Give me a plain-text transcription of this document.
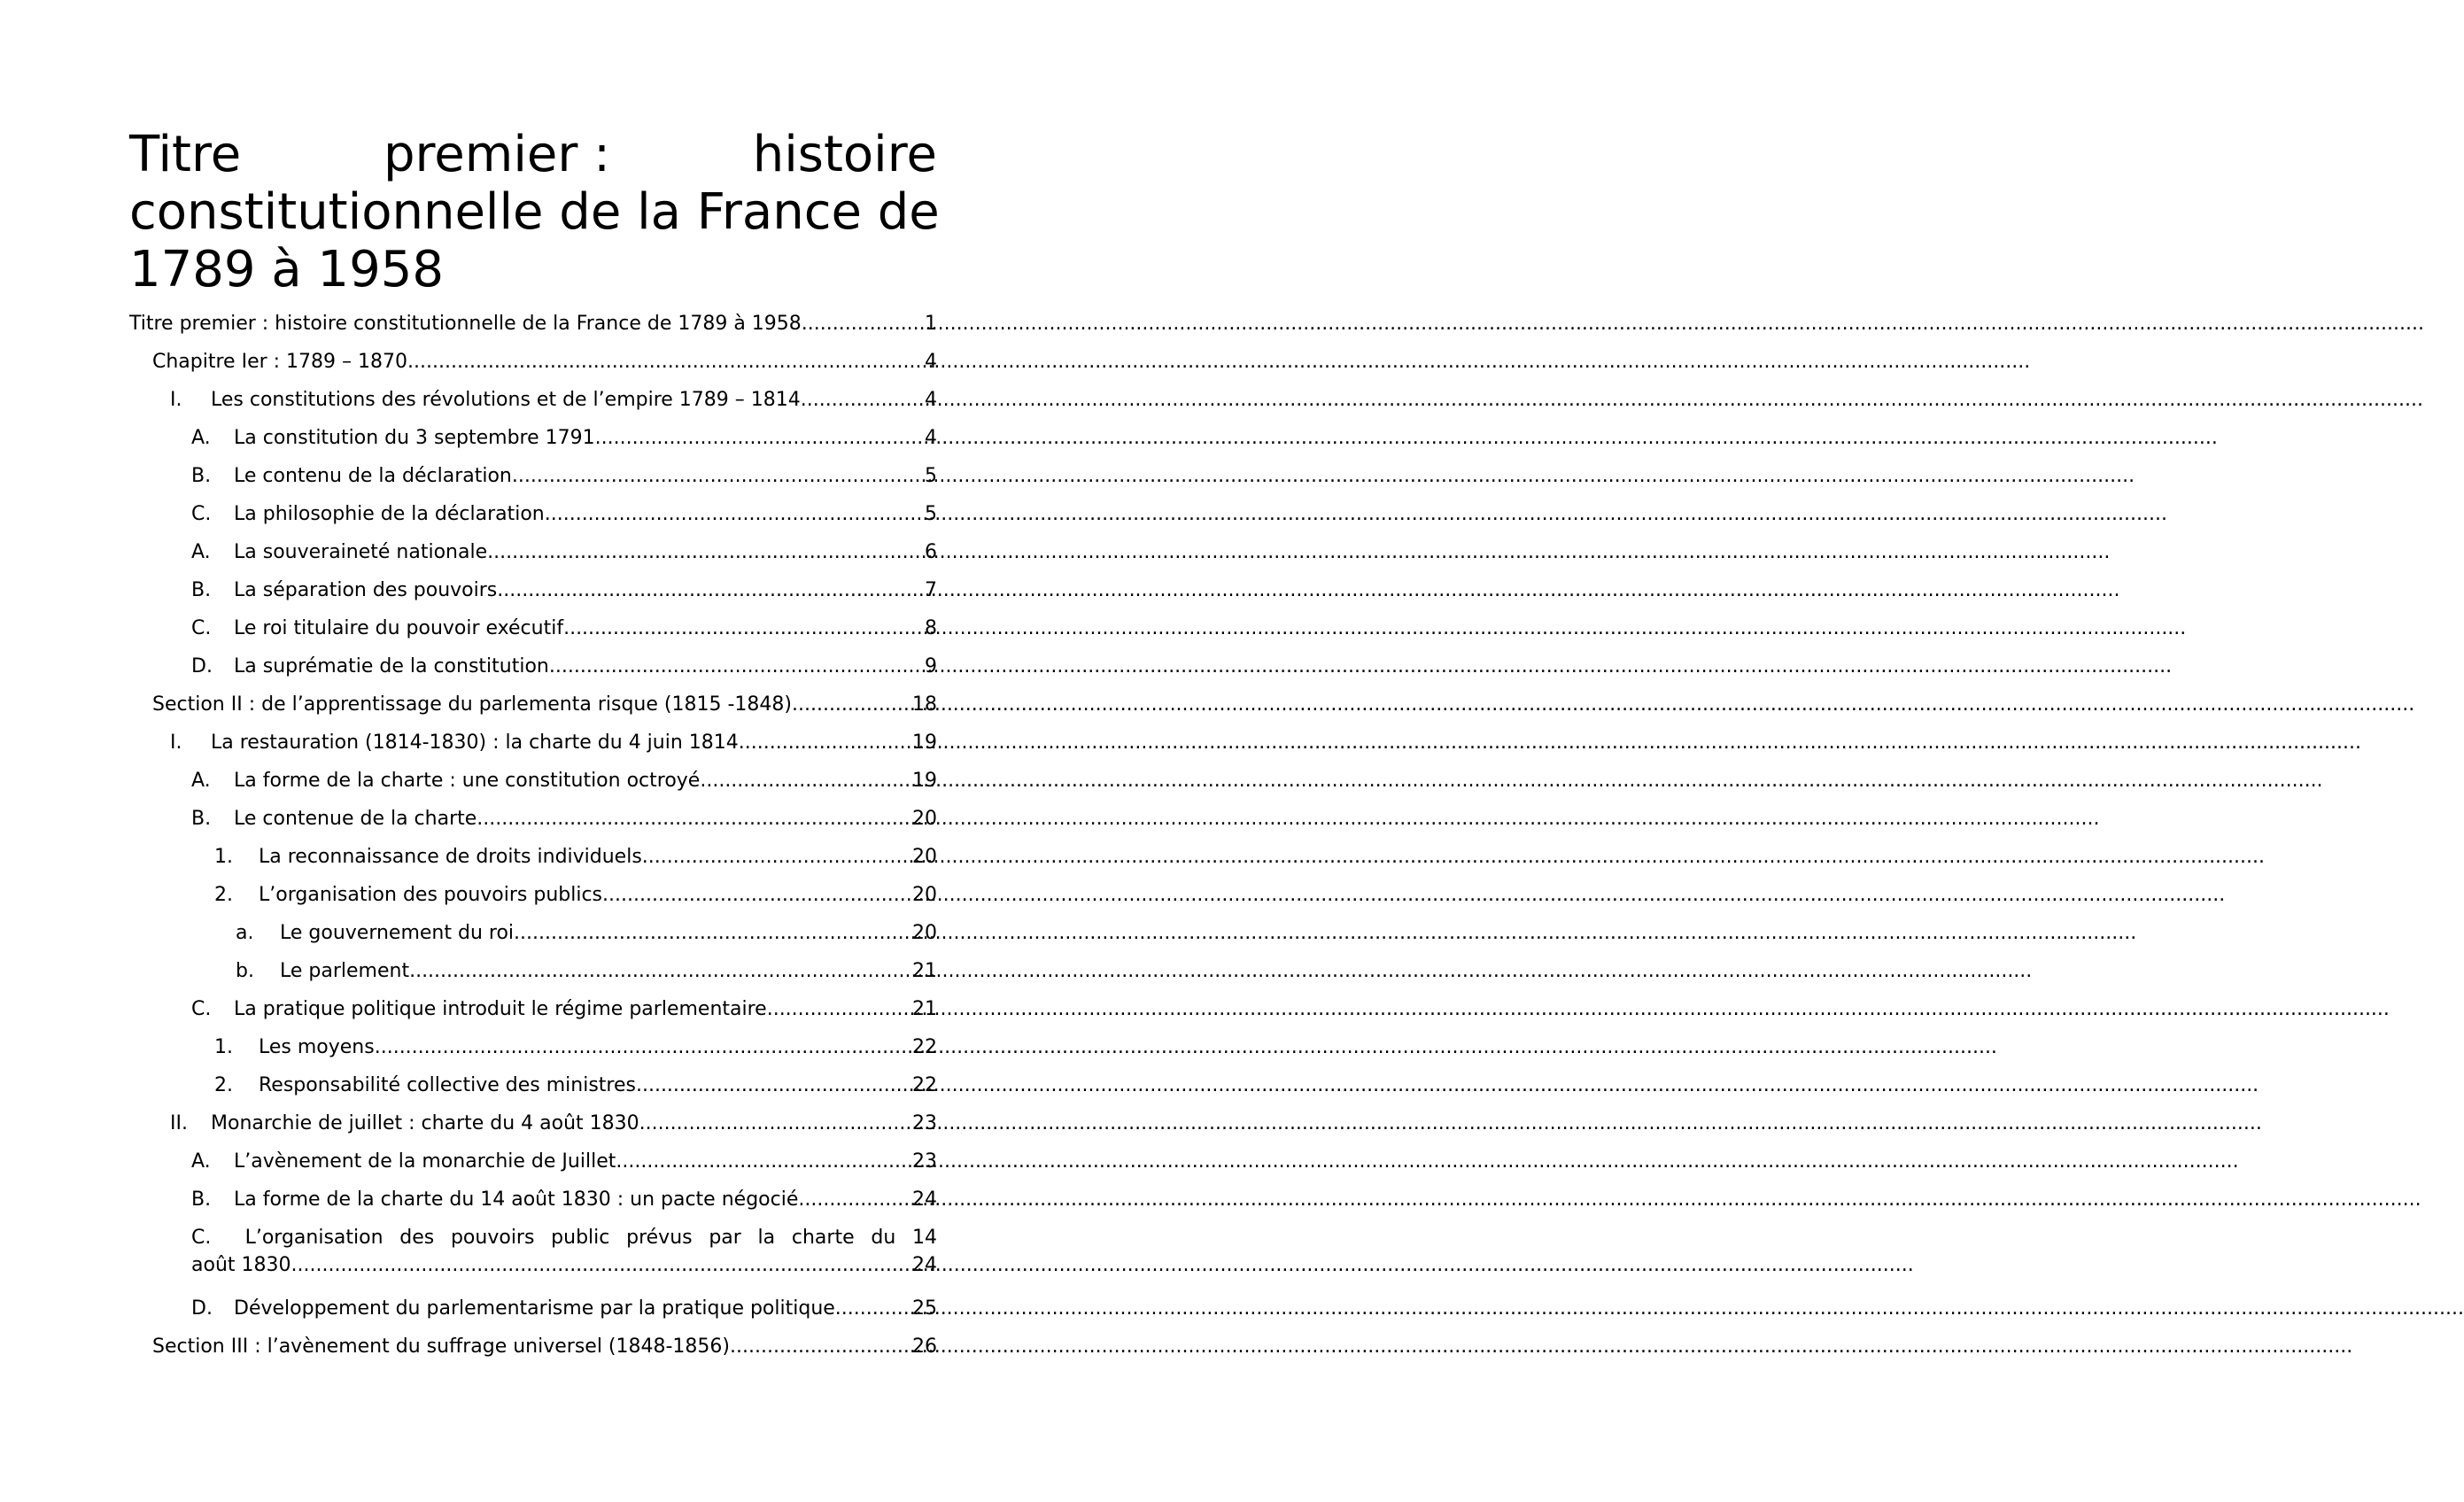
Titre	premier :	histoire
constitutionnelle de la France de
1789 à 1958
Titre premier : histoire constitutionnelle de la France de 1789 à 1958 .....	1
Chapitre Ier : 1789 – 1870 .....	4
I.	Les constitutions des révolutions et de l’empire 1789 – 1814 .....	4
A.	La constitution du 3 septembre 1791 .....	4
B.	Le contenu de la déclaration .....	5
C.	La philosophie de la déclaration .....	5
A.	La souveraineté nationale .....	6
B.	La séparation des pouvoirs .....	7
C.	Le roi titulaire du pouvoir exécutif .....	8
D.	La suprématie de la constitution .....	9
Section II : de l’apprentissage du parlementa risque (1815 -1848) .....	18
I.	La restauration (1814-1830) : la charte du 4 juin 1814 .....	19
A.	La forme de la charte : une constitution octroyé .....	19
B.	Le contenue de la charte .....	20
1.	La reconnaissance de droits individuels .....	20
2.	L’organisation des pouvoirs publics .....	20
a.	Le gouvernement du roi .....	20
b.	Le parlement .....	21
C.	La pratique politique introduit le régime parlementaire .....	21
1.	Les moyens .....	22
2.	Responsabilité collective des ministres .....	22
II.	Monarchie de juillet : charte du 4 août 1830 .....	23
A.	L’avènement de la monarchie de Juillet .....	23
B.	La forme de la charte du 14 août 1830 : un pacte négocié .....	24
C. L’organisation des pouvoirs public prévus par la charte du 14
août 1830 .....	24
D.	Développement du parlementarisme par la pratique politique. .....	25
Section III : l’avènement du suffrage universel (1848-1856) .....	26
